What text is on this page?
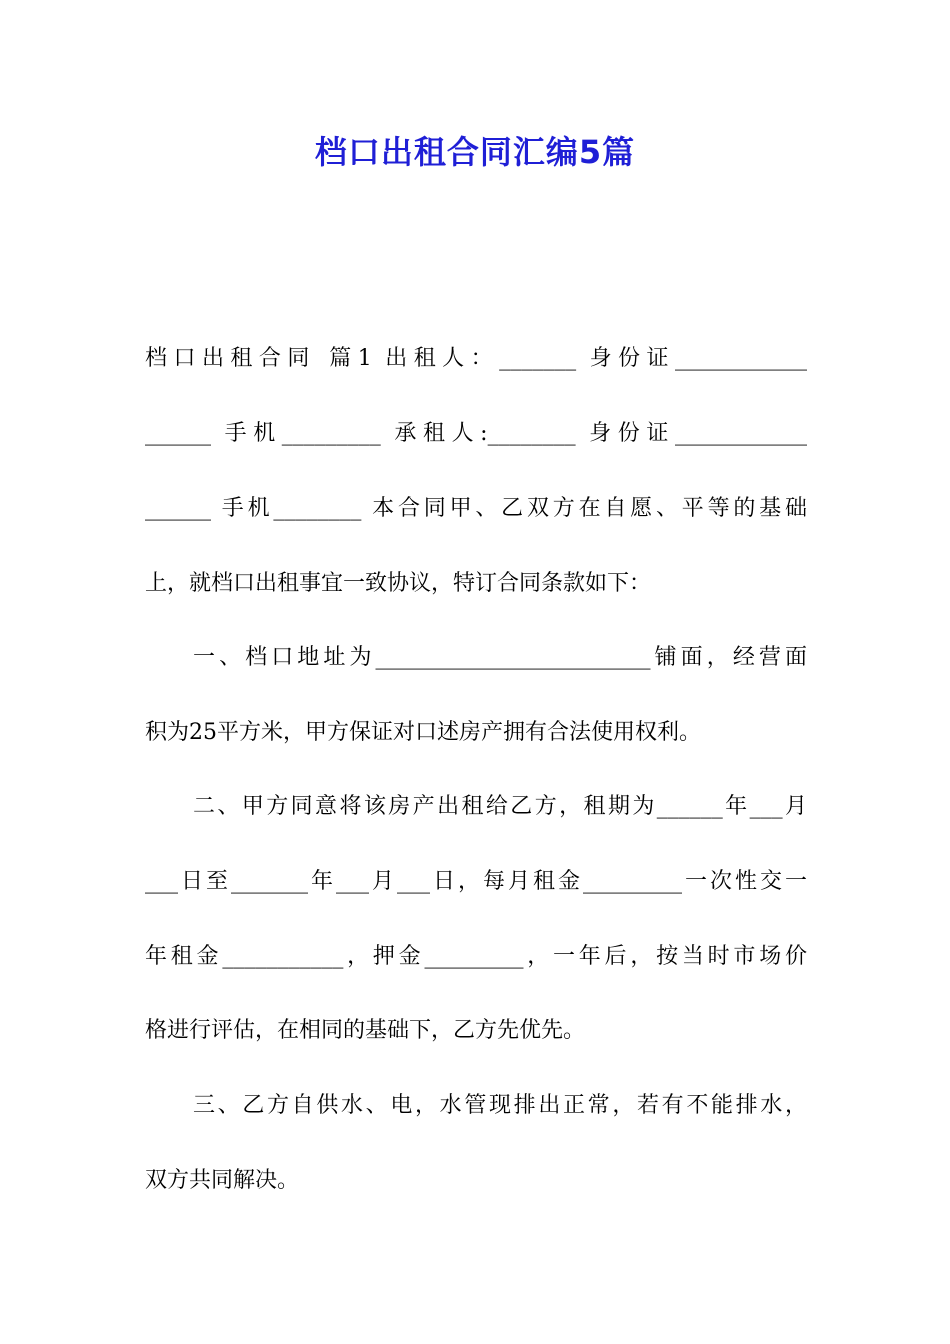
档口出租合同汇编5篇
档口出租合同 篇1 出租人：_______ 身份证____________
______ 手机_________ 承租人:________ 身份证____________
______ 手机________ 本合同甲、乙双方在自愿、平等的基础
上，就档口出租事宜一致协议，特订合同条款如下：
一、档口地址为_________________________铺面，经营面
积为25平方米，甲方保证对口述房产拥有合法使用权利。
二、甲方同意将该房产出租给乙方，租期为______年___月
___日至_______年___月___日，每月租金_________一次性交一
年租金___________，押金_________，一年后，按当时市场价
格进行评估，在相同的基础下，乙方先优先。
三、乙方自供水、电，水管现排出正常，若有不能排水，
双方共同解决。
